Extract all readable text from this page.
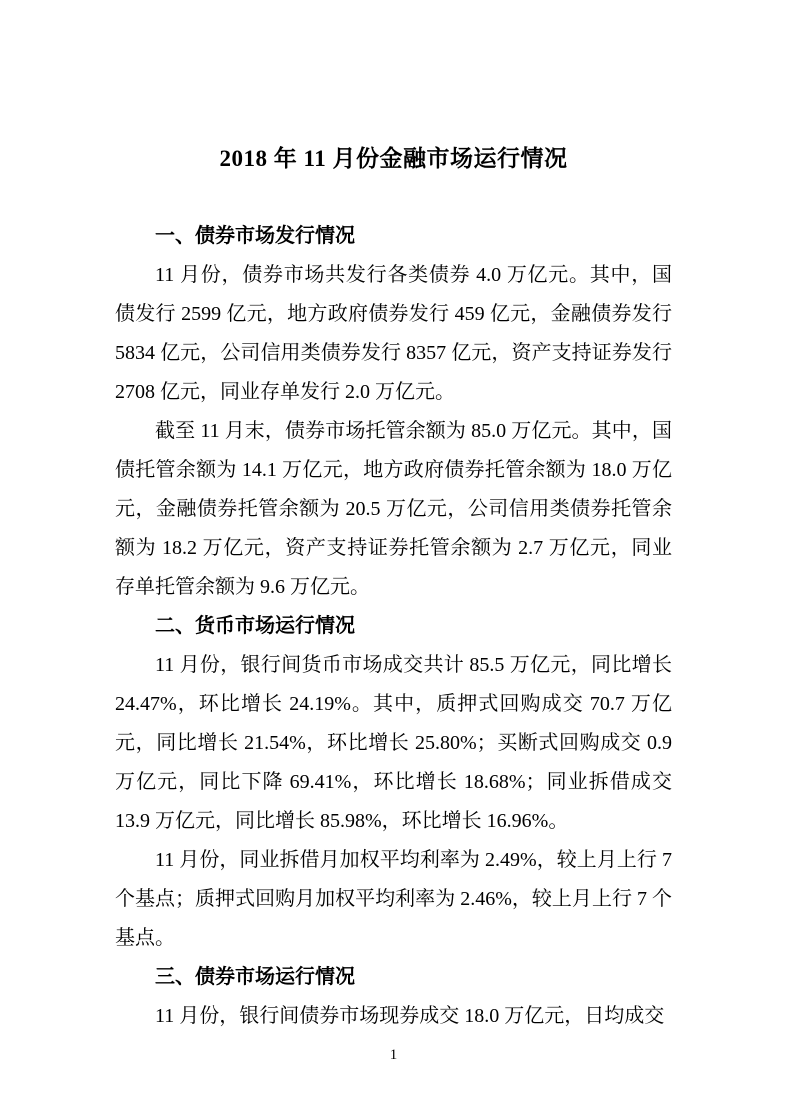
2018 年 11 月份金融市场运行情况
一、债券市场发行情况

11 月份，债券市场共发行各类债券 4.0 万亿元。其中，国债发行 2599 亿元，地方政府债券发行 459 亿元，金融债券发行 5834 亿元，公司信用类债券发行 8357 亿元，资产支持证券发行 2708 亿元，同业存单发行 2.0 万亿元。

截至 11 月末，债券市场托管余额为 85.0 万亿元。其中，国债托管余额为 14.1 万亿元，地方政府债券托管余额为 18.0 万亿元，金融债券托管余额为 20.5 万亿元，公司信用类债券托管余额为 18.2 万亿元，资产支持证券托管余额为 2.7 万亿元，同业存单托管余额为 9.6 万亿元。

二、货币市场运行情况

11 月份，银行间货币市场成交共计 85.5 万亿元，同比增长 24.47%，环比增长 24.19%。其中，质押式回购成交 70.7 万亿元，同比增长 21.54%，环比增长 25.80%；买断式回购成交 0.9 万亿元，同比下降 69.41%，环比增长 18.68%；同业拆借成交 13.9 万亿元，同比增长 85.98%，环比增长 16.96%。

11 月份，同业拆借月加权平均利率为 2.49%，较上月上行 7 个基点；质押式回购月加权平均利率为 2.46%，较上月上行 7 个基点。

三、债券市场运行情况

11 月份，银行间债券市场现券成交 18.0 万亿元，日均成交

1
